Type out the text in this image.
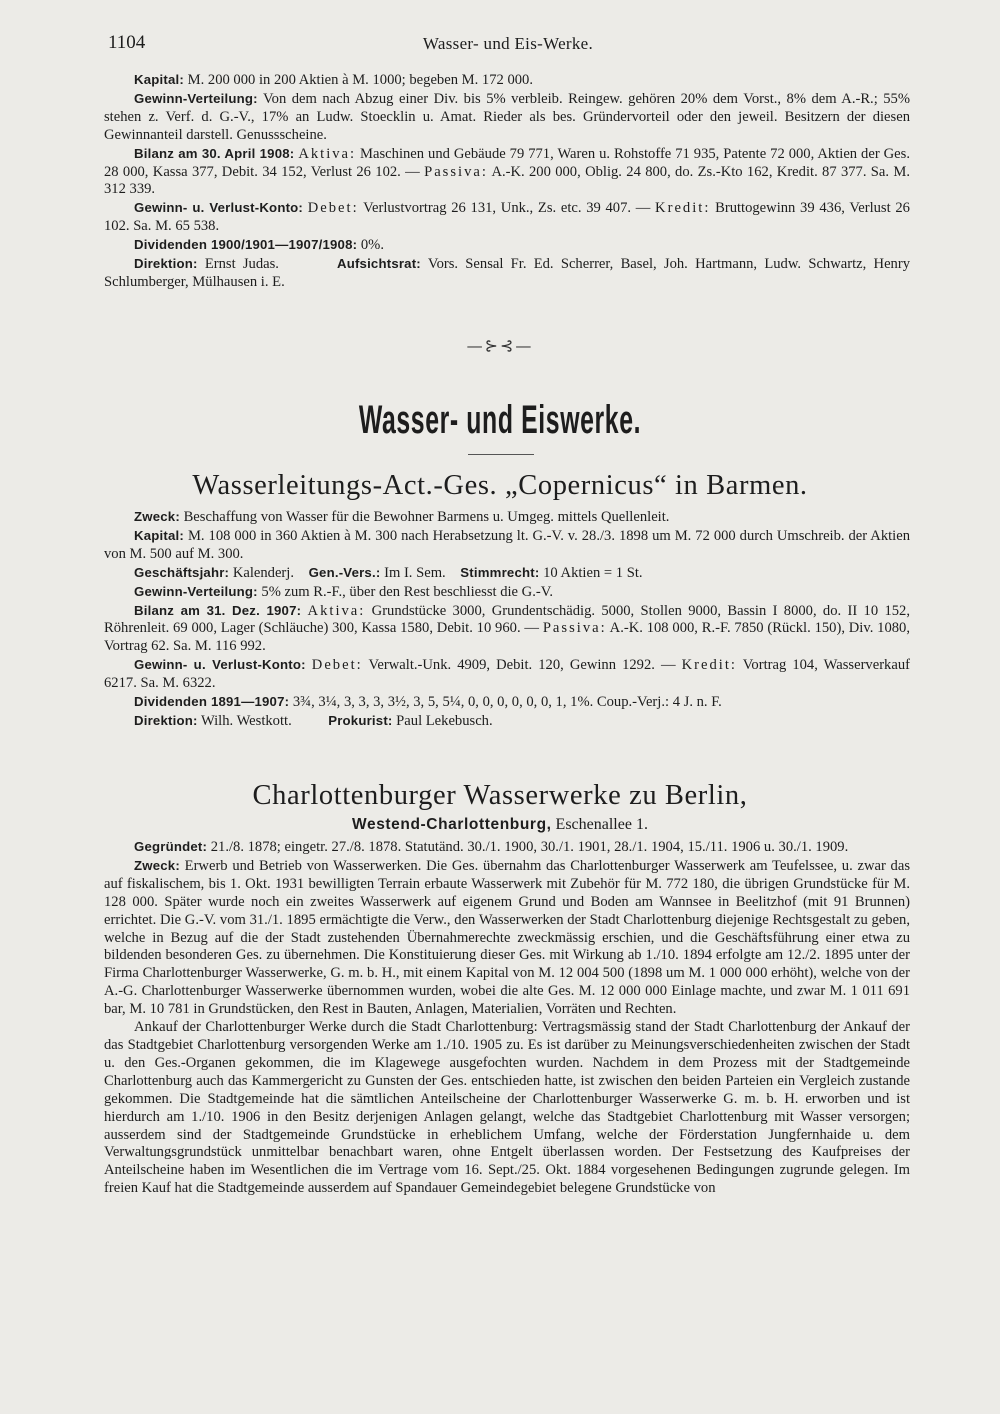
1104	Wasser- und Eis-Werke.

Kapital: M. 200 000 in 200 Aktien à M. 1000; begeben M. 172 000.

Gewinn-Verteilung: Von dem nach Abzug einer Div. bis 5% verbleib. Reingew. gehören 20% dem Vorst., 8% dem A.-R.; 55% stehen z. Verf. d. G.-V., 17% an Ludw. Stoecklin u. Amat. Rieder als bes. Gründervorteil oder den jeweil. Besitzern der diesen Gewinnanteil darstell. Genussscheine.

Bilanz am 30. April 1908: Aktiva: Maschinen und Gebäude 79 771, Waren u. Rohstoffe 71 935, Patente 72 000, Aktien der Ges. 28 000, Kassa 377, Debit. 34 152, Verlust 26 102. — Passiva: A.-K. 200 000, Oblig. 24 800, do. Zs.-Kto 162, Kredit. 87 377. Sa. M. 312 339.

Gewinn- u. Verlust-Konto: Debet: Verlustvortrag 26 131, Unk., Zs. etc. 39 407. — Kredit: Bruttogewinn 39 436, Verlust 26 102. Sa. M. 65 538.

Dividenden 1900/1901—1907/1908: 0%.

Direktion: Ernst Judas.	Aufsichtsrat: Vors. Sensal Fr. Ed. Scherrer, Basel, Joh. Hartmann, Ludw. Schwartz, Henry Schlumberger, Mülhausen i. E.

—⊱⊰—
Wasser- und Eiswerke.
Wasserleitungs-Act.-Ges. „Copernicus“ in Barmen.

Zweck: Beschaffung von Wasser für die Bewohner Barmens u. Umgeg. mittels Quellenleit.

Kapital: M. 108 000 in 360 Aktien à M. 300 nach Herabsetzung lt. G.-V. v. 28./3. 1898 um M. 72 000 durch Umschreib. der Aktien von M. 500 auf M. 300.

Geschäftsjahr: Kalenderj. Gen.-Vers.: Im I. Sem. Stimmrecht: 10 Aktien = 1 St.

Gewinn-Verteilung: 5% zum R.-F., über den Rest beschliesst die G.-V.

Bilanz am 31. Dez. 1907: Aktiva: Grundstücke 3000, Grundentschädig. 5000, Stollen 9000, Bassin I 8000, do. II 10 152, Röhrenleit. 69 000, Lager (Schläuche) 300, Kassa 1580, Debit. 10 960. — Passiva: A.-K. 108 000, R.-F. 7850 (Rückl. 150), Div. 1080, Vortrag 62. Sa. M. 116 992.

Gewinn- u. Verlust-Konto: Debet: Verwalt.-Unk. 4909, Debit. 120, Gewinn 1292. — Kredit: Vortrag 104, Wasserverkauf 6217. Sa. M. 6322.

Dividenden 1891—1907: 3¾, 3¼, 3, 3, 3, 3½, 3, 5, 5¼, 0, 0, 0, 0, 0, 0, 1, 1%. Coup.-Verj.: 4 J. n. F.

Direktion: Wilh. Westkott.	Prokurist: Paul Lekebusch.

Charlottenburger Wasserwerke zu Berlin,
Westend-Charlottenburg, Eschenallee 1.

Gegründet: 21./8. 1878; eingetr. 27./8. 1878. Statutänd. 30./1. 1900, 30./1. 1901, 28./1. 1904, 15./11. 1906 u. 30./1. 1909.

Zweck: Erwerb und Betrieb von Wasserwerken. Die Ges. übernahm das Charlottenburger Wasserwerk am Teufelssee, u. zwar das auf fiskalischem, bis 1. Okt. 1931 bewilligten Terrain erbaute Wasserwerk mit Zubehör für M. 772 180, die übrigen Grundstücke für M. 128 000. Später wurde noch ein zweites Wasserwerk auf eigenem Grund und Boden am Wannsee in Beelitzhof (mit 91 Brunnen) errichtet. Die G.-V. vom 31./1. 1895 ermächtigte die Verw., den Wasserwerken der Stadt Charlottenburg diejenige Rechtsgestalt zu geben, welche in Bezug auf die der Stadt zustehenden Übernahmerechte zweckmässig erschien, und die Geschäftsführung einer etwa zu bildenden besonderen Ges. zu übernehmen. Die Konstituierung dieser Ges. mit Wirkung ab 1./10. 1894 erfolgte am 12./2. 1895 unter der Firma Charlottenburger Wasserwerke, G. m. b. H., mit einem Kapital von M. 12 004 500 (1898 um M. 1 000 000 erhöht), welche von der A.-G. Charlottenburger Wasserwerke übernommen wurden, wobei die alte Ges. M. 12 000 000 Einlage machte, und zwar M. 1 011 691 bar, M. 10 781 in Grundstücken, den Rest in Bauten, Anlagen, Materialien, Vorräten und Rechten.

Ankauf der Charlottenburger Werke durch die Stadt Charlottenburg: Vertragsmässig stand der Stadt Charlottenburg der Ankauf der das Stadtgebiet Charlottenburg versorgenden Werke am 1./10. 1905 zu. Es ist darüber zu Meinungsverschiedenheiten zwischen der Stadt u. den Ges.-Organen gekommen, die im Klagewege ausgefochten wurden. Nachdem in dem Prozess mit der Stadtgemeinde Charlottenburg auch das Kammergericht zu Gunsten der Ges. entschieden hatte, ist zwischen den beiden Parteien ein Vergleich zustande gekommen. Die Stadtgemeinde hat die sämtlichen Anteilscheine der Charlottenburger Wasserwerke G. m. b. H. erworben und ist hierdurch am 1./10. 1906 in den Besitz derjenigen Anlagen gelangt, welche das Stadtgebiet Charlottenburg mit Wasser versorgen; ausserdem sind der Stadtgemeinde Grundstücke in erheblichem Umfang, welche der Förderstation Jungfernhaide u. dem Verwaltungsgrundstück unmittelbar benachbart waren, ohne Entgelt überlassen worden. Der Festsetzung des Kaufpreises der Anteilscheine haben im Wesentlichen die im Vertrage vom 16. Sept./25. Okt. 1884 vorgesehenen Bedingungen zugrunde gelegen. Im freien Kauf hat die Stadtgemeinde ausserdem auf Spandauer Gemeindegebiet belegene Grundstücke von
